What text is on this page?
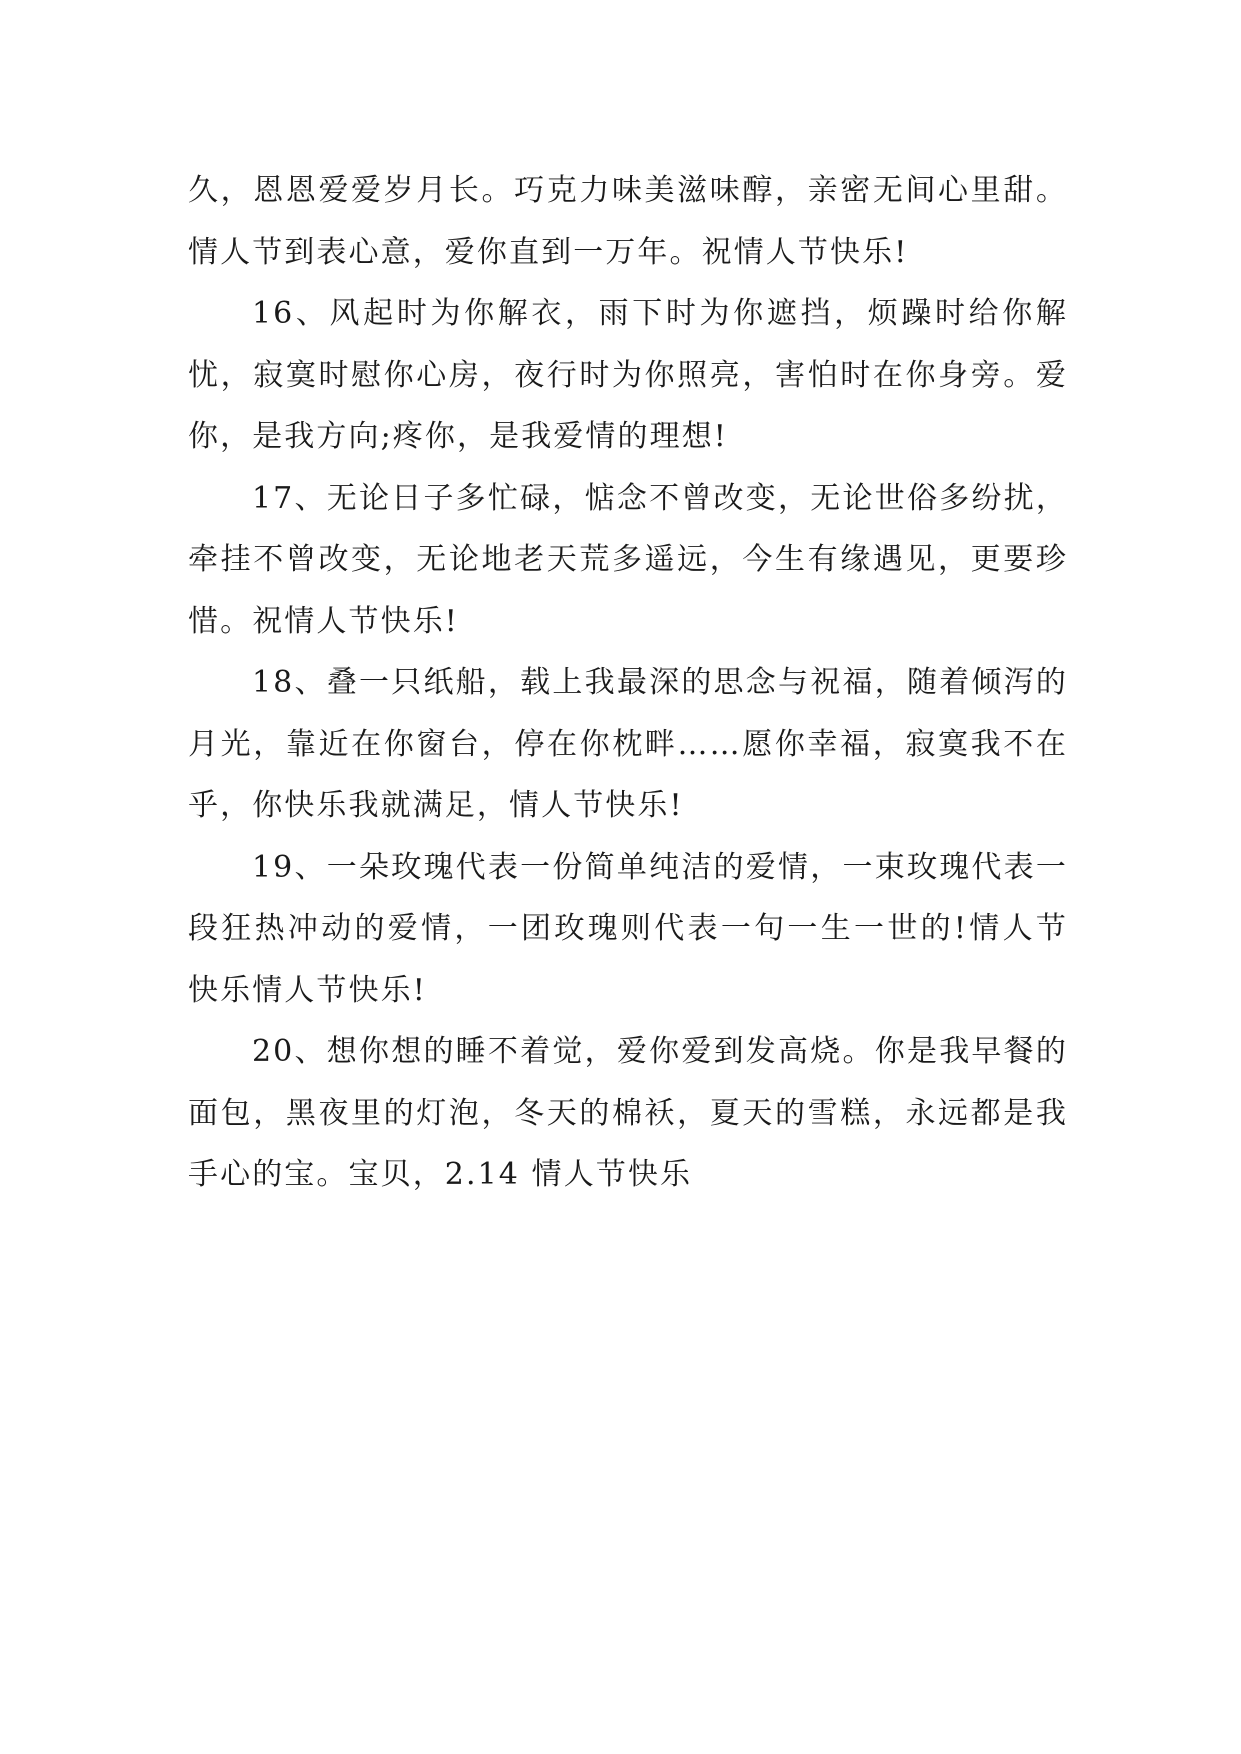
久，恩恩爱爱岁月长。巧克力味美滋味醇，亲密无间心里甜。情人节到表心意，爱你直到一万年。祝情人节快乐!

16、风起时为你解衣，雨下时为你遮挡，烦躁时给你解忧，寂寞时慰你心房，夜行时为你照亮，害怕时在你身旁。爱你，是我方向;疼你，是我爱情的理想!

17、无论日子多忙碌，惦念不曾改变，无论世俗多纷扰，牵挂不曾改变，无论地老天荒多遥远，今生有缘遇见，更要珍惜。祝情人节快乐!

18、叠一只纸船，载上我最深的思念与祝福，随着倾泻的月光，靠近在你窗台，停在你枕畔……愿你幸福，寂寞我不在乎，你快乐我就满足，情人节快乐!

19、一朵玫瑰代表一份简单纯洁的爱情，一束玫瑰代表一段狂热冲动的爱情，一团玫瑰则代表一句一生一世的!情人节快乐情人节快乐!

20、想你想的睡不着觉，爱你爱到发高烧。你是我早餐的面包，黑夜里的灯泡，冬天的棉袄，夏天的雪糕，永远都是我手心的宝。宝贝，2.14 情人节快乐
